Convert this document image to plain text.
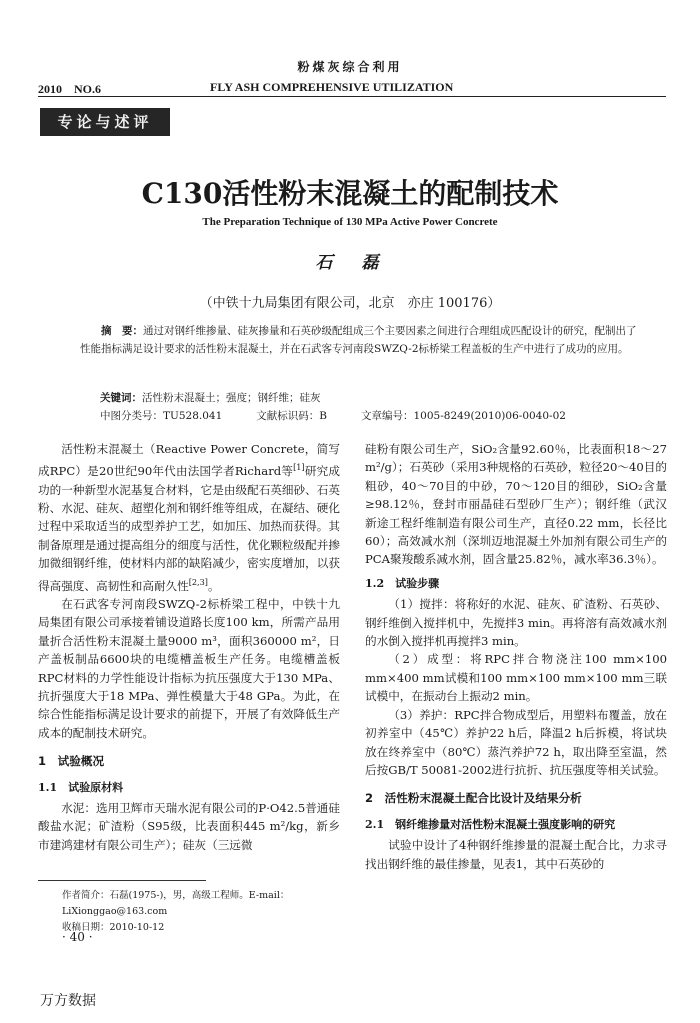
粉煤灰综合利用
2010　NO.6	FLY ASH COMPREHENSIVE UTILIZATION
专论与述评
C130活性粉末混凝土的配制技术
The Preparation Technique of 130 MPa Active Power Concrete
石　磊
（中铁十九局集团有限公司，北京　亦庄 100176）
摘　要：通过对钢纤维掺量、硅灰掺量和石英砂级配组成三个主要因素之间进行合理组成匹配设计的研究，配制出了性能指标满足设计要求的活性粉末混凝土，并在石武客专河南段SWZQ-2标桥梁工程盖板的生产中进行了成功的应用。
关键词：活性粉末混凝土；强度；钢纤维；硅灰
中图分类号：TU528.041	文献标识码：B	文章编号：1005-8249(2010)06-0040-02

活性粉末混凝土（Reactive Power Concrete，简写成RPC）是20世纪90年代由法国学者Richard等[1]研究成功的一种新型水泥基复合材料，它是由级配石英细砂、石英粉、水泥、硅灰、超塑化剂和钢纤维等组成，在凝结、硬化过程中采取适当的成型养护工艺，如加压、加热而获得。其制备原理是通过提高组分的细度与活性，优化颗粒级配并掺加微细钢纤维，使材料内部的缺陷减少，密实度增加，以获得高强度、高韧性和高耐久性[2,3]。

在石武客专河南段SWZQ-2标桥梁工程中，中铁十九局集团有限公司承接着铺设道路长度100 km，所需产品用量折合活性粉末混凝土量9000 m³，面积360000 m²，日产盖板制品6600块的电缆槽盖板生产任务。电缆槽盖板RPC材料的力学性能设计指标为抗压强度大于130 MPa、抗折强度大于18 MPa、弹性模量大于48 GPa。为此，在综合性能指标满足设计要求的前提下，开展了有效降低生产成本的配制技术研究。

1　试验概况

1.1　试验原材料

水泥：选用卫辉市天瑞水泥有限公司的P·O42.5普通硅酸盐水泥；矿渣粉（S95级，比表面积445 m²/kg，新乡市建鸿建材有限公司生产）；硅灰（三远微

硅粉有限公司生产，SiO₂含量92.60％，比表面积18～27 m²/g）；石英砂（采用3种规格的石英砂，粒径20～40目的粗砂，40～70目的中砂，70～120目的细砂，SiO₂含量≥98.12％，登封市丽晶硅石型砂厂生产）；钢纤维（武汉新途工程纤维制造有限公司生产，直径0.22 mm，长径比60）；高效减水剂（深圳迈地混凝土外加剂有限公司生产的PCA聚羧酸系减水剂，固含量25.82％，减水率36.3％）。

1.2　试验步骤

（1）搅拌：将称好的水泥、硅灰、矿渣粉、石英砂、钢纤维倒入搅拌机中，先搅拌3 min。再将溶有高效减水剂的水倒入搅拌机再搅拌3 min。

（2）成型：将RPC拌合物浇注100 mm×100 mm×400 mm试模和100 mm×100 mm×100 mm三联试模中，在振动台上振动2 min。

（3）养护：RPC拌合物成型后，用塑料布覆盖，放在初养室中（45℃）养护22 h后，降温2 h后拆模，将试块放在终养室中（80℃）蒸汽养护72 h，取出降至室温，然后按GB/T 50081-2002进行抗折、抗压强度等相关试验。

2　活性粉末混凝土配合比设计及结果分析

2.1　钢纤维掺量对活性粉末混凝土强度影响的研究

试验中设计了4种钢纤维掺量的混凝土配合比，力求寻找出钢纤维的最佳掺量，见表1，其中石英砂的

作者简介：石磊(1975-)，男，高级工程师。E-mail：LiXionggao@163.com
收稿日期：2010-10-12
· 40 ·
万方数据
